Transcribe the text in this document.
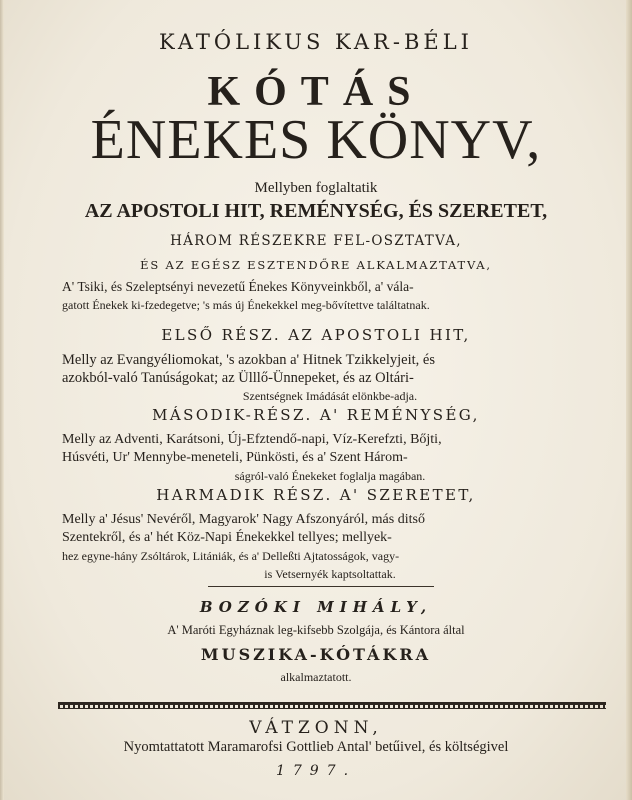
KATÓLIKUS KAR-BÉLI
KÓTÁS
ÉNEKES KÖNYV,
Mellyben foglaltatik
AZ APOSTOLI HIT, REMÉNYSÉG, ÉS SZERETET,
HÁROM RÉSZEKRE FEL-OSZTATVA,
ÉS AZ EGÉSZ ESZTENDŐRE ALKALMAZTATVA,
A' Tsiki, és Szeleptsényi nevezetű Énekes Könyveinkből, a' vála-
gatott Énekek ki-fzedegetve; 's más új Énekekkel meg-bővítettve találtatnak.
ELSŐ RÉSZ. AZ APOSTOLI HIT,
Melly az Evangyéliomokat, 's azokban a' Hitnek Tzikkelyjeit, és
azokból-való Tanúságokat; az Ülllő-Ünnepeket, és az Oltári-
Szentségnek Imádását elönkbe-adja.
MÁSODIK-RÉSZ. A' REMÉNYSÉG,
Melly az Adventi, Karátsoni, Új-Efztendő-napi, Víz-Kerefzti, Bőjti,
Húsvéti, Ur' Mennybe-meneteli, Pünkösti, és a' Szent Három-
ságról-való Énekeket foglalja magában.
HARMADIK RÉSZ. A' SZERETET,
Melly a' Jésus' Nevéről, Magyarok' Nagy Afszonyáról, más ditső
Szentekről, és a' hét Köz-Napi Énekekkel tellyes; mellyek-
hez egyne-hány Zsóltárok, Litániák, és a' Delleßti Ajtatosságok, vagy-
is Vetsernyék kaptsoltattak.
BOZÓKI MIHÁLY,
A' Maróti Egyháznak leg-kifsebb Szolgája, és Kántora által
MUSZIKA-KÓTÁKRA
alkalmaztatott.
VÁTZONN,
Nyomtattatott Maramarofsi Gottlieb Antal' betűivel, és költségivel
1797.
